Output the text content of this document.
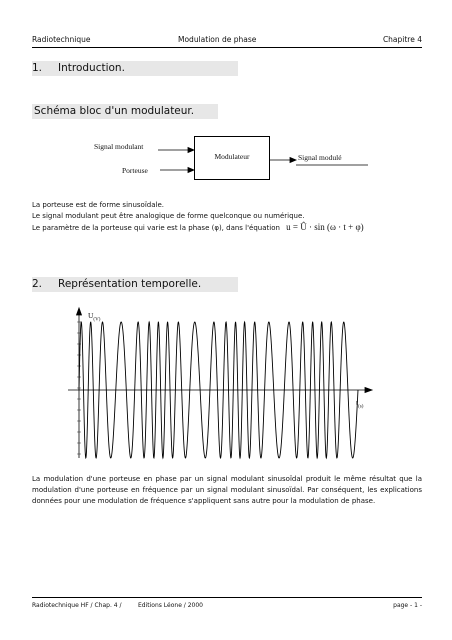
Radiotechnique	Modulation de phase	Chapitre 4
1. Introduction.
Schéma bloc d'un modulateur.
Signal modulant
Porteuse
Modulateur	Signal modulé
La porteuse est de forme sinusoïdale.
Le signal modulant peut être analogique de forme quelconque ou numérique.
Le paramètre de la porteuse qui varie est la phase (φ), dans l'équation u = Û · sin (ω · t + φ)
2. Représentation temporelle.
$U_{(V)}$
$t_{(s)}$
La modulation d'une porteuse en phase par un signal modulant sinusoïdal produit le même résultat que la modulation d'une porteuse en fréquence par un signal modulant sinusoïdal. Par conséquent, les explications données pour une modulation de fréquence s'appliquent sans autre pour la modulation de phase.
Radiotechnique HF / Chap. 4 /	Editions Léone / 2000	page - 1 -
